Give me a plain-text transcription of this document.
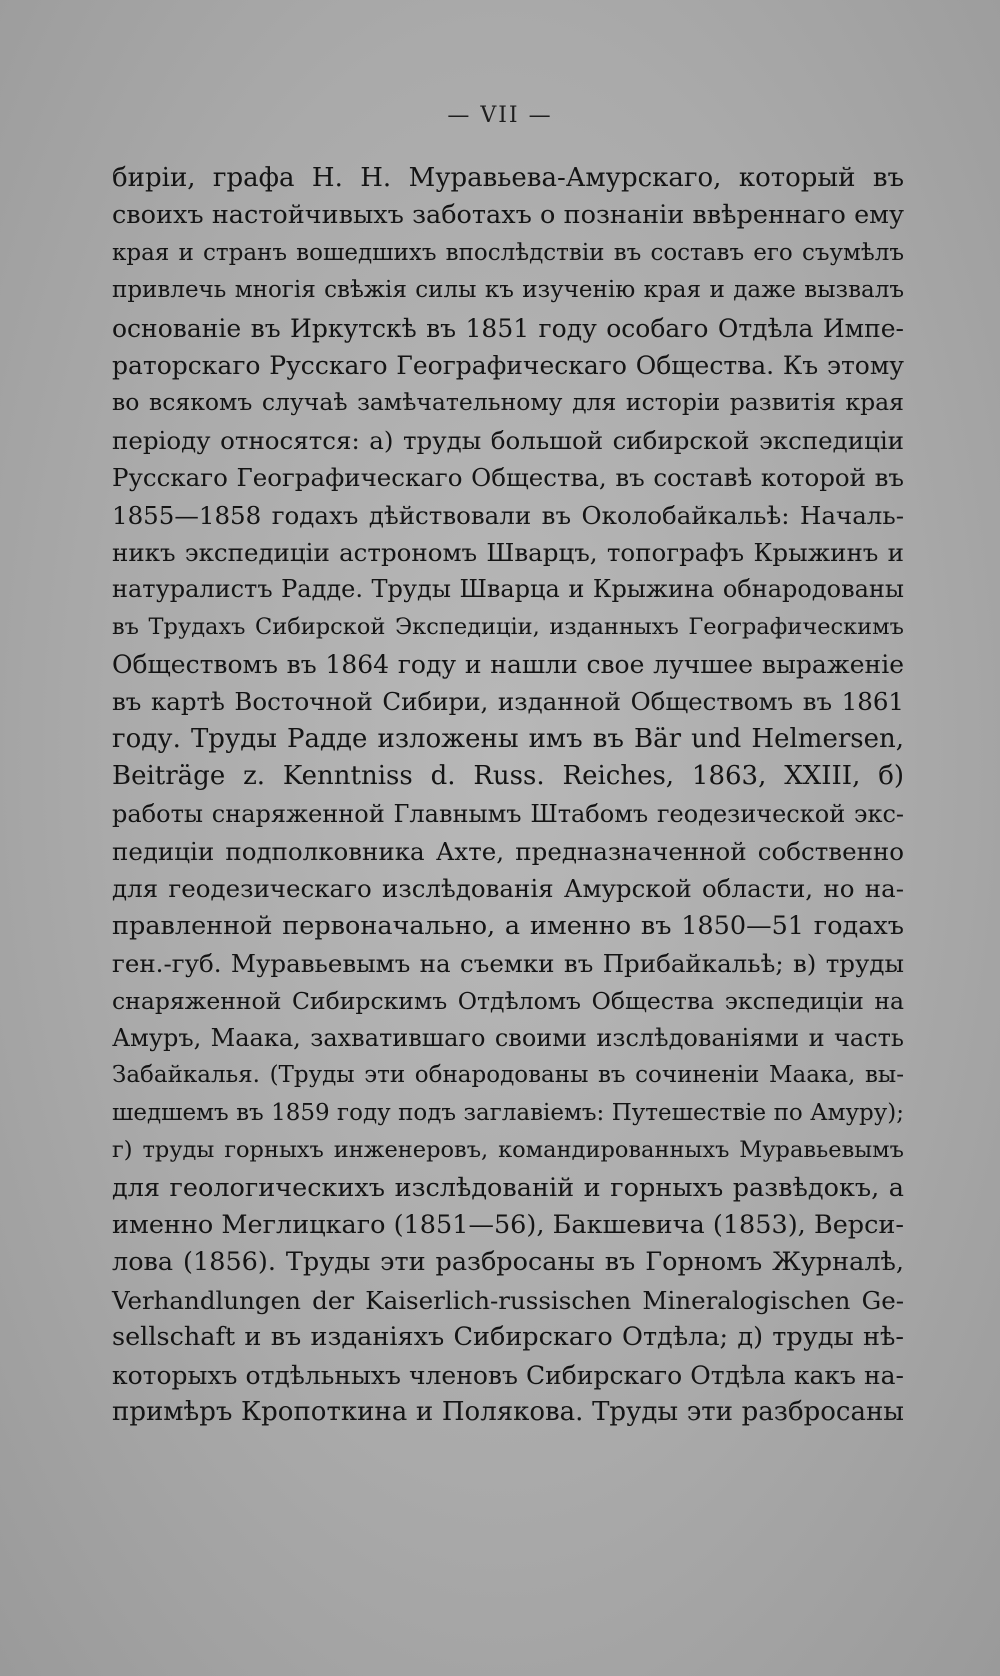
— VII —
биріи, графа Н. Н. Муравьева-Амурскаго, который въ
своихъ настойчивыхъ заботахъ о познаніи ввѣреннаго ему
края и странъ вошедшихъ впослѣдствіи въ составъ его съумѣлъ
привлечь многія свѣжія силы къ изученію края и даже вызвалъ
основаніе въ Иркутскѣ въ 1851 году особаго Отдѣла Импе-
раторскаго Русскаго Географическаго Общества. Къ этому
во всякомъ случаѣ замѣчательному для исторіи развитія края
періоду относятся: а) труды большой сибирской экспедиціи
Русскаго Географическаго Общества, въ составѣ которой въ
1855—1858 годахъ дѣйствовали въ Околобайкальѣ: Началь-
никъ экспедиціи астрономъ Шварцъ, топографъ Крыжинъ и
натуралистъ Радде. Труды Шварца и Крыжина обнародованы
въ Трудахъ Сибирской Экспедиціи, изданныхъ Географическимъ
Обществомъ въ 1864 году и нашли свое лучшее выраженіе
въ картѣ Восточной Сибири, изданной Обществомъ въ 1861
году. Труды Радде изложены имъ въ Bär und Helmersen,
Beiträge z. Kenntniss d. Russ. Reiches, 1863, XXIII, б)
работы снаряженной Главнымъ Штабомъ геодезической экс-
педиціи подполковника Ахте, предназначенной собственно
для геодезическаго изслѣдованія Амурской области, но на-
правленной первоначально, а именно въ 1850—51 годахъ
ген.-губ. Муравьевымъ на съемки въ Прибайкальѣ; в) труды
снаряженной Сибирскимъ Отдѣломъ Общества экспедиціи на
Амуръ, Маака, захватившаго своими изслѣдованіями и часть
Забайкалья. (Труды эти обнародованы въ сочиненіи Маака, вы-
шедшемъ въ 1859 году подъ заглавіемъ: Путешествіе по Амуру);
г) труды горныхъ инженеровъ, командированныхъ Муравьевымъ
для геологическихъ изслѣдованій и горныхъ развѣдокъ, а
именно Меглицкаго (1851—56), Бакшевича (1853), Верси-
лова (1856). Труды эти разбросаны въ Горномъ Журналѣ,
Verhandlungen der Kaiserlich-russischen Mineralogischen Ge-
sellschaft и въ изданіяхъ Сибирскаго Отдѣла; д) труды нѣ-
которыхъ отдѣльныхъ членовъ Сибирскаго Отдѣла какъ на-
примѣръ Кропоткина и Полякова. Труды эти разбросаны
